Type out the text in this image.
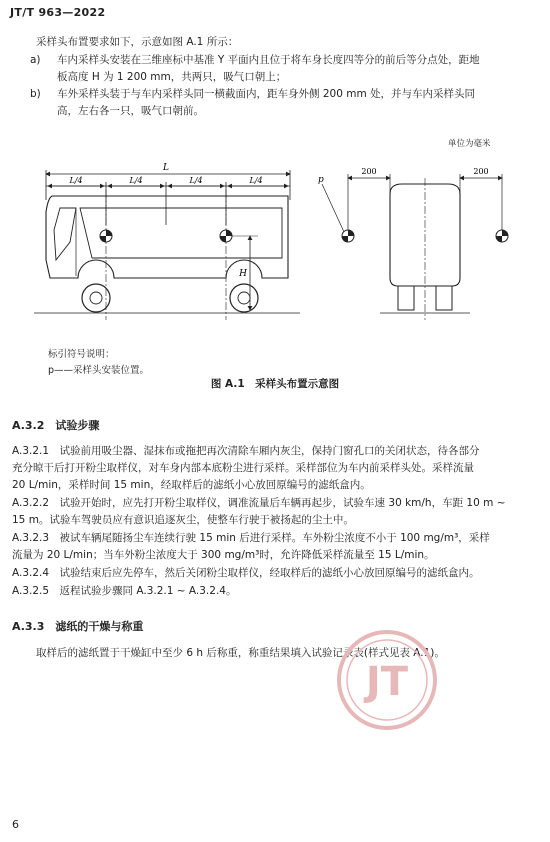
JT/T 963—2022
采样头布置要求如下，示意如图 A.1 所示：
a) 车内采样头安装在三维座标中基准 Y 平面内且位于将车身长度四等分的前后等分点处，距地
板高度 H 为 1 200 mm，共两只，吸气口朝上；
b) 车外采样头装于与车内采样头同一横截面内，距车身外侧 200 mm 处，并与车内采样头同
高，左右各一只，吸气口朝前。
单位为毫米
L
L/4	L/4	L/4	L/4
H
p
200	200
标引符号说明：
p——采样头安装位置。
图 A.1　采样头布置示意图
A.3.2　试验步骤
A.3.2.1　试验前用吸尘器、湿抹布或拖把再次清除车厢内灰尘，保持门窗孔口的关闭状态，待各部分
充分晾干后打开粉尘取样仪，对车身内部本底粉尘进行采样。采样部位为车内前采样头处。采样流量
20 L/min，采样时间 15 min，经取样后的滤纸小心放回原编号的滤纸盒内。
A.3.2.2　试验开始时，应先打开粉尘取样仪，调准流量后车辆再起步，试验车速 30 km/h，车距 10 m ~
15 m。试验车驾驶员应有意识追逐灰尘，使整车行驶于被扬起的尘土中。
A.3.2.3　被试车辆尾随扬尘车连续行驶 15 min 后进行采样。车外粉尘浓度不小于 100 mg/m³，采样
流量为 20 L/min；当车外粉尘浓度大于 300 mg/m³时，允许降低采样流量至 15 L/min。
A.3.2.4　试验结束后应先停车，然后关闭粉尘取样仪，经取样后的滤纸小心放回原编号的滤纸盒内。
A.3.2.5　返程试验步骤同 A.3.2.1 ~ A.3.2.4。
A.3.3　滤纸的干燥与称重
取样后的滤纸置于干燥缸中至少 6 h 后称重，称重结果填入试验记录表(样式见表 A.1)。
JT
6
